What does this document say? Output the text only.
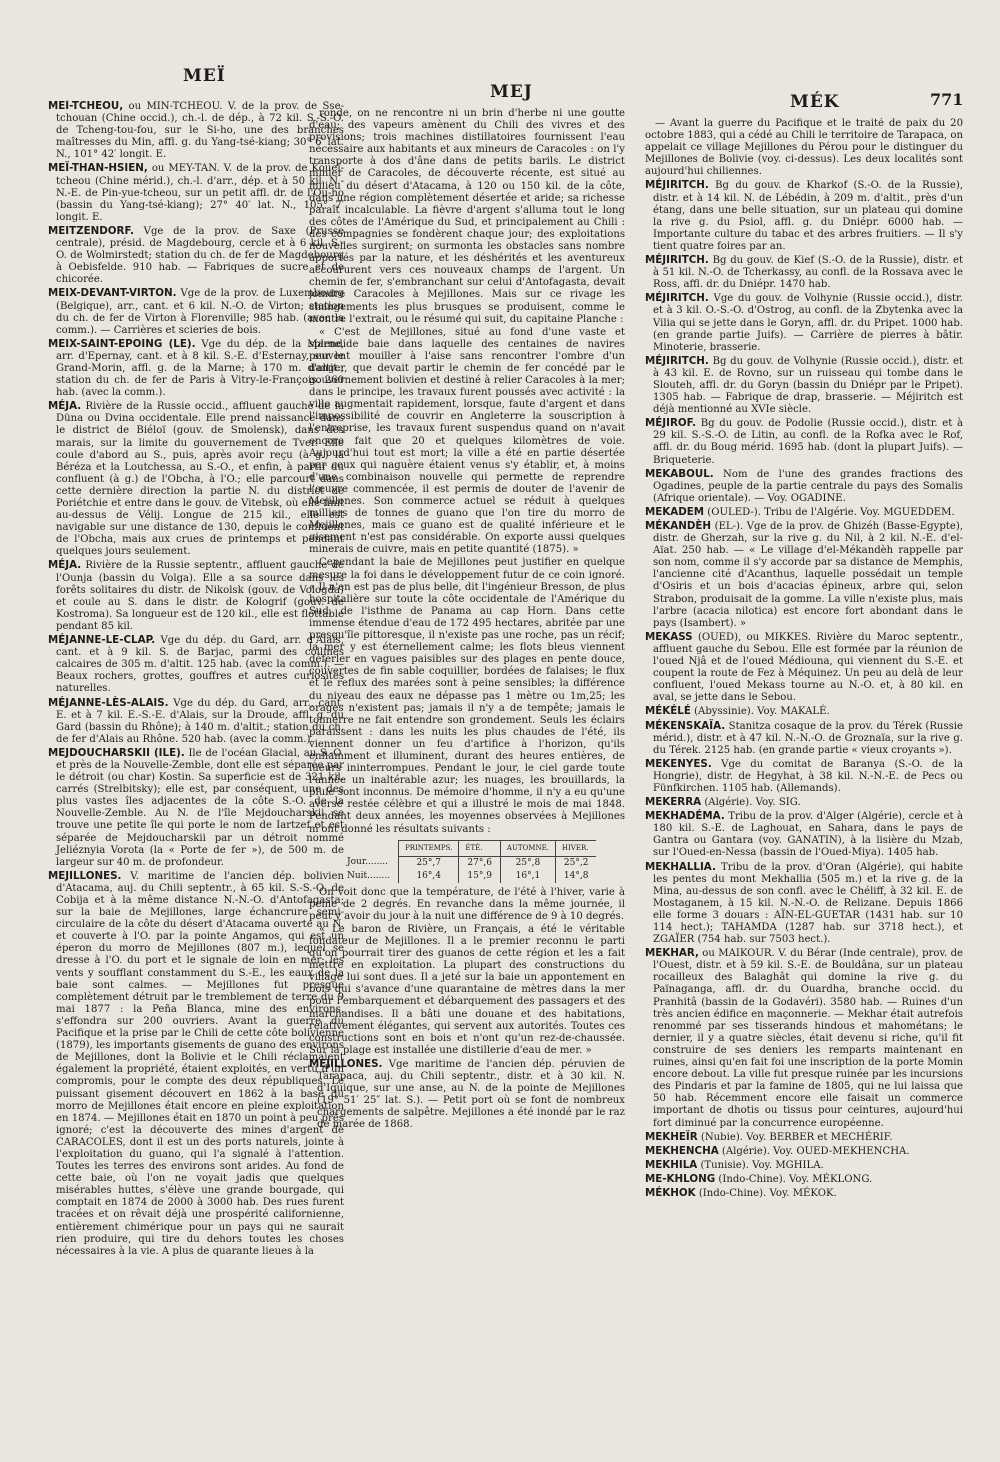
MEÏ
MEJ	MÉK	771

MEÏ-TCHEOU, ou MIN-TCHEOU. V. de la prov. de Sse-tchouan (Chine occid.), ch.-l. de dép., à 72 kil. S.-S.-O. de Tcheng-tou-fou, sur le Si-ho, une des branches maîtresses du Min, affl. g. du Yang-tsé-kiang; 30° 6′ lat. N., 101° 42′ longit. E.

MEÏ-THAN-HSIEN, ou MEY-TAN. V. de la prov. de Koueï-tcheou (Chine mérid.), ch.-l. d'arr., dép. et à 50 kil. N.-N.-E. de Pin-yue-tcheou, sur un petit affl. dr. de l'Ou-ho (bassin du Yang-tsé-kiang); 27° 40′ lat. N., 105° 7′ longit. E.

MEITZENDORF. Vge de la prov. de Saxe (Prusse centrale), présid. de Magdebourg, cercle et à 6 kil. S.-O. de Wolmirstedt; station du ch. de fer de Magdebourg à Oebisfelde. 910 hab. — Fabriques de sucre et de chicorée.

MEIX-DEVANT-VIRTON. Vge de la prov. de Luxembourg (Belgique), arr., cant. et 6 kil. N.-O. de Virton; station du ch. de fer de Virton à Florenville; 985 hab. (avec la comm.). — Carrières et scieries de bois.

MEIX-SAINT-EPOING (LE). Vge du dép. de la Marne, arr. d'Epernay, cant. et à 8 kil. S.-E. d'Esternay, sur le Grand-Morin, affl. g. de la Marne; à 170 m. d'altit.; station du ch. de fer de Paris à Vitry-le-François. 260 hab. (avec la comm.).

MÉJA. Rivière de la Russie occid., affluent gauche de la Düna ou Dvina occidentale. Elle prend naissance dans le district de Biéloï (gouv. de Smolensk), dans des marais, sur la limite du gouvernement de Tver. Elle coule d'abord au S., puis, après avoir reçu (à g.) la Béréza et la Loutchessa, au S.-O., et enfin, à partir du confluent (à g.) de l'Obcha, à l'O.; elle parcourt dans cette dernière direction la partie N. du district de Poriétchie et entre dans le gouv. de Vitebsk, où elle finit au-dessus de Vélij. Longue de 215 kil., elle est navigable sur une distance de 130, depuis le confluent de l'Obcha, mais aux crues de printemps et pendant quelques jours seulement.

MÉJA. Rivière de la Russie septentr., affluent gauche de l'Ounja (bassin du Volga). Elle a sa source dans les forêts solitaires du distr. de Nikolsk (gouv. de Vologda) et coule au S. dans le distr. de Kologrif (gouv. de Kostroma). Sa longueur est de 120 kil., elle est flottable pendant 85 kil.

MÉJANNE-LE-CLAP. Vge du dép. du Gard, arr. d'Alais, cant. et à 9 kil. S. de Barjac, parmi des collines calcaires de 305 m. d'altit. 125 hab. (avec la comm.). — Beaux rochers, grottes, gouffres et autres curiosités naturelles.

MÉJANNE-LÈS-ALAIS. Vge du dép. du Gard, arr., cant. E. et à 7 kil. E.-S.-E. d'Alais, sur la Droude, affl. g. du Gard (bassin du Rhône); à 140 m. d'altit.; station du ch. de fer d'Alais au Rhône. 520 hab. (avec la comm.).

MEJDOUCHARSKII (ILE). Ile de l'océan Glacial, au S.-O. et près de la Nouvelle-Zemble, dont elle est séparée par le détroit (ou char) Kostin. Sa superficie est de 321 kil. carrés (Strelbitsky); elle est, par conséquent, une des plus vastes îles adjacentes de la côte S.-O. de la Nouvelle-Zemble. Au N. de l'île Mejdoucharskii se trouve une petite île qui porte le nom de Iartzef et est séparée de Mejdoucharskii par un détroit nommé Jeliéznyia Vorota (la « Porte de fer »), de 500 m. de largeur sur 40 m. de profondeur.

MEJILLONES. V. maritime de l'ancien dép. bolivien d'Atacama, auj. du Chili septentr., à 65 kil. S.-S.-O. de Cobija et à la même distance N.-N.-O. d'Antofagasta; sur la baie de Mejillones, large échancrure semi-circulaire de la côte du désert d'Atacama ouverte au N. et couverte à l'O. par la pointe Angamos, qui est un éperon du morro de Mejillones (807 m.), lequel se dresse à l'O. du port et le signale de loin en mer; les vents y soufflant constamment du S.-E., les eaux de la baie sont calmes. — Mejillones fut presque complètement détruit par le tremblement de terre du 9 mai 1877 : la Peña Blanca, mine des environs, s'effondra sur 200 ouvriers. Avant la guerre du Pacifique et la prise par le Chili de cette côte bolivienne (1879), les importants gisements de guano des environs de Mejillones, dont la Bolivie et le Chili réclamaient également la propriété, étaient exploités, en vertu d'un compromis, pour le compte des deux républiques. Le puissant gisement découvert en 1862 à la base du morro de Mejillones était encore en pleine exploitation en 1874. — Mejillones était en 1870 un point à peu près ignoré; c'est la découverte des mines d'argent de CARACOLES, dont il est un des ports naturels, jointe à l'exploitation du guano, qui l'a signalé à l'attention. Toutes les terres des environs sont arides. Au fond de cette baie, où l'on ne voyait jadis que quelques misérables huttes, s'élève une grande bourgade, qui comptait en 1874 de 2000 à 3000 hab. Des rues furent tracées et on rêvait déjà une prospérité californienne, entièrement chimérique pour un pays qui ne saurait rien produire, qui tire du dehors toutes les choses nécessaires à la vie. A plus de quarante lieues à la

ronde, on ne rencontre ni un brin d'herbe ni une goutte d'eau; des vapeurs amènent du Chili des vivres et des provisions; trois machines distillatoires fournissent l'eau nécessaire aux habitants et aux mineurs de Caracoles : on l'y transporte à dos d'âne dans de petits barils. Le district minier de Caracoles, de découverte récente, est situé au milieu du désert d'Atacama, à 120 ou 150 kil. de la côte, dans une région complètement désertée et aride; sa richesse paraît incalculable. La fièvre d'argent s'alluma tout le long des côtes de l'Amérique du Sud, et principalement au Chili : des compagnies se fondèrent chaque jour; des exploitations nouvelles surgirent; on surmonta les obstacles sans nombre apportés par la nature, et les déshérités et les aventureux accoururent vers ces nouveaux champs de l'argent. Un chemin de fer, s'embranchant sur celui d'Antofagasta, devait joindre Caracoles à Mejillones. Mais sur ce rivage les changements les plus brusques se produisent, comme le montre l'extrait, ou le résumé qui suit, du capitaine Planche :

« C'est de Mejillones, situé au fond d'une vaste et splendide baie dans laquelle des centaines de navires peuvent mouiller à l'aise sans rencontrer l'ombre d'un danger, que devait partir le chemin de fer concédé par le gouvernement bolivien et destiné à relier Caracoles à la mer; dans le principe, les travaux furent poussés avec activité : la ville augmentait rapidement, lorsque, faute d'argent et dans l'impossibilité de couvrir en Angleterre la souscription à l'entreprise, les travaux furent suspendus quand on n'avait encore fait que 20 et quelques kilomètres de voie. Aujourd'hui tout est mort; la ville a été en partie désertée par ceux qui naguère étaient venus s'y établir, et, à moins d'une combinaison nouvelle qui permette de reprendre l'œuvre commencée, il est permis de douter de l'avenir de Mejillones. Son commerce actuel se réduit à quelques milliers de tonnes de guano que l'on tire du morro de Mejillones, mais ce guano est de qualité inférieure et le gisement n'est pas considérable. On exporte aussi quelques minerais de cuivre, mais en petite quantité (1875). »

Cependant la baie de Mejillones peut justifier en quelque mesure la foi dans le développement futur de ce coin ignoré. « Il n'en est pas de plus belle, dit l'ingénieur Bresson, de plus hospitalière sur toute la côte occidentale de l'Amérique du Sud, de l'isthme de Panama au cap Horn. Dans cette immense étendue d'eau de 172 495 hectares, abritée par une presqu'île pittoresque, il n'existe pas une roche, pas un récif; la mer y est éternellement calme; les flots bleus viennent déferler en vagues paisibles sur des plages en pente douce, couvertes de fin sable coquillier, bordées de falaises; le flux et le reflux des marées sont à peine sensibles; la différence du niveau des eaux ne dépasse pas 1 mètre ou 1m,25; les orages n'existent pas; jamais il n'y a de tempête; jamais le tonnerre ne fait entendre son grondement. Seuls les éclairs paraissent : dans les nuits les plus chaudes de l'été, ils viennent donner un feu d'artifice à l'horizon, qu'ils enflamment et illuminent, durant des heures entières, de lueurs ininterrompues. Pendant le jour, le ciel garde toute l'année un inaltérable azur; les nuages, les brouillards, la pluie sont inconnus. De mémoire d'homme, il n'y a eu qu'une averse restée célèbre et qui a illustré le mois de mai 1848. Pendant deux années, les moyennes observées à Mejillones m'ont donné les résultats suivants :

	PRINTEMPS.	ÉTÉ.	AUTOMNE.	HIVER.
Jour........	25°,7	27°,6	25°,8	25°,2
Nuit........	16°,4	15°,9	16°,1	14°,8

On voit donc que la température, de l'été à l'hiver, varie à peine de 2 degrés. En revanche dans la même journée, il peut y avoir du jour à la nuit une différence de 9 à 10 degrés.

« Le baron de Rivière, un Français, a été le véritable fondateur de Mejillones. Il a le premier reconnu le parti qu'on pourrait tirer des guanos de cette région et les a fait mettre en exploitation. La plupart des constructions du village lui sont dues. Il a jeté sur la baie un appontement en bois qui s'avance d'une quarantaine de mètres dans la mer pour l'embarquement et débarquement des passagers et des marchandises. Il a bâti une douane et des habitations, relativement élégantes, qui servent aux autorités. Toutes ces constructions sont en bois et n'ont qu'un rez-de-chaussée. Sur la plage est installée une distillerie d'eau de mer. »

MEJILLONES. Vge maritime de l'ancien dép. péruvien de Tarapaca, auj. du Chili septentr., distr. et à 30 kil. N. d'Iquique, sur une anse, au N. de la pointe de Mejillones (19° 51′ 25″ lat. S.). — Petit port où se font de nombreux chargements de salpêtre. Mejillones a été inondé par le raz de marée de 1868.

— Avant la guerre du Pacifique et le traité de paix du 20 octobre 1883, qui a cédé au Chili le territoire de Tarapaca, on appelait ce village Mejillones du Pérou pour le distinguer du Mejillones de Bolivie (voy. ci-dessus). Les deux localités sont aujourd'hui chiliennes.

MÉJIRITCH. Bg du gouv. de Kharkof (S.-O. de la Russie), distr. et à 14 kil. N. de Lébédin, à 209 m. d'altit., près d'un étang, dans une belle situation, sur un plateau qui domine la rive g. du Psiol, affl. g. du Dniépr. 6000 hab. — Importante culture du tabac et des arbres fruitiers. — Il s'y tient quatre foires par an.

MÉJIRITCH. Bg du gouv. de Kief (S.-O. de la Russie), distr. et à 51 kil. N.-O. de Tcherkassy, au confl. de la Rossava avec le Ross, affl. dr. du Dniépr. 1470 hab.

MÉJIRITCH. Vge du gouv. de Volhynie (Russie occid.), distr. et à 3 kil. O.-S.-O. d'Ostrog, au confl. de la Zbytenka avec la Vilia qui se jette dans le Goryn, affl. dr. du Pripet. 1000 hab. (en grande partie Juifs). — Carrière de pierres à bâtir. Minoterie, brasserie.

MÉJIRITCH. Bg du gouv. de Volhynie (Russie occid.), distr. et à 43 kil. E. de Rovno, sur un ruisseau qui tombe dans le Slouteh, affl. dr. du Goryn (bassin du Dniépr par le Pripet). 1305 hab. — Fabrique de drap, brasserie. — Méjiritch est déjà mentionné au XVIe siècle.

MÉJIROF. Bg du gouv. de Podolie (Russie occid.), distr. et à 29 kil. S.-S.-O. de Litin, au confl. de la Rofka avec le Rof, affl. dr. du Boug mérid. 1695 hab. (dont la plupart Juifs). — Briqueterie.

MEKABOUL. Nom de l'une des grandes fractions des Ogadines, peuple de la partie centrale du pays des Somalis (Afrique orientale). — Voy. OGADINE.

MEKADEM (OULED-). Tribu de l'Algérie. Voy. MGUEDDEM.

MÉKANDÈH (EL-). Vge de la prov. de Ghizéh (Basse-Egypte), distr. de Gherzah, sur la rive g. du Nil, à 2 kil. N.-E. d'el-Aïat. 250 hab. — « Le village d'el-Mékandèh rappelle par son nom, comme il s'y accorde par sa distance de Memphis, l'ancienne cité d'Acanthus, laquelle possédait un temple d'Osiris et un bois d'acacias épineux, arbre qui, selon Strabon, produisait de la gomme. La ville n'existe plus, mais l'arbre (acacia nilotica) est encore fort abondant dans le pays (Isambert). »

MEKASS (OUED), ou MIKKES. Rivière du Maroc septentr., affluent gauche du Sebou. Elle est formée par la réunion de l'oued Njâ et de l'oued Médiouna, qui viennent du S.-E. et coupent la route de Fez à Méquinez. Un peu au delà de leur confluent, l'oued Mekass tourne au N.-O. et, à 80 kil. en aval, se jette dans le Sebou.

MÉKÉLÉ (Abyssinie). Voy. MAKALÉ.

MÉKENSKAÏA. Stanitza cosaque de la prov. du Térek (Russie mérid.), distr. et à 47 kil. N.-N.-O. de Groznaïa, sur la rive g. du Térek. 2125 hab. (en grande partie « vieux croyants »).

MEKENYES. Vge du comitat de Baranya (S.-O. de la Hongrie), distr. de Hegyhat, à 38 kil. N.-N.-E. de Pecs ou Fünfkirchen. 1105 hab. (Allemands).

MEKERRA (Algérie). Voy. SIG.

MEKHADÉMA. Tribu de la prov. d'Alger (Algérie), cercle et à 180 kil. S.-E. de Laghouat, en Sahara, dans le pays de Gantra ou Gantara (voy. GANATIN), à la lisière du Mzab, sur l'Oued-en-Nessa (bassin de l'Oued-Miya). 1405 hab.

MEKHALLIA. Tribu de la prov. d'Oran (Algérie), qui habite les pentes du mont Mekhallia (505 m.) et la rive g. de la Mina, au-dessus de son confl. avec le Chéliff, à 32 kil. E. de Mostaganem, à 15 kil. N.-N.-O. de Relizane. Depuis 1866 elle forme 3 douars : AÏN-EL-GUETAR (1431 hab. sur 10 114 hect.); TAHAMDA (1287 hab. sur 3718 hect.), et ZGAÏER (754 hab. sur 7503 hect.).

MEKHAR, ou MAIKOUR. V. du Bérar (Inde centrale), prov. de l'Ouest, distr. et à 59 kil. S.-E. de Bouldâna, sur un plateau rocailleux des Balaghât qui domine la rive g. du Païnaganga, affl. dr. du Ouardha, branche occid. du Pranhitâ (bassin de la Godavéri). 3580 hab. — Ruines d'un très ancien édifice en maçonnerie. — Mekhar était autrefois renommé par ses tisserands hindous et mahométans; le dernier, il y a quatre siècles, était devenu si riche, qu'il fit construire de ses deniers les remparts maintenant en ruines, ainsi qu'en fait foi une inscription de la porte Momin encore debout. La ville fut presque ruinée par les incursions des Pindaris et par la famine de 1805, qui ne lui laissa que 50 hab. Récemment encore elle faisait un commerce important de dhotis ou tissus pour ceintures, aujourd'hui fort diminué par la concurrence européenne.

MEKHEÏR (Nubie). Voy. BERBER et MECHÉRIF.

MEKHENCHA (Algérie). Voy. OUED-MEKHENCHA.

MEKHILA (Tunisie). Voy. MGHILA.

ME-KHLONG (Indo-Chine). Voy. MÉKLONG.

MÉKHOK (Indo-Chine). Voy. MÉKOK.
